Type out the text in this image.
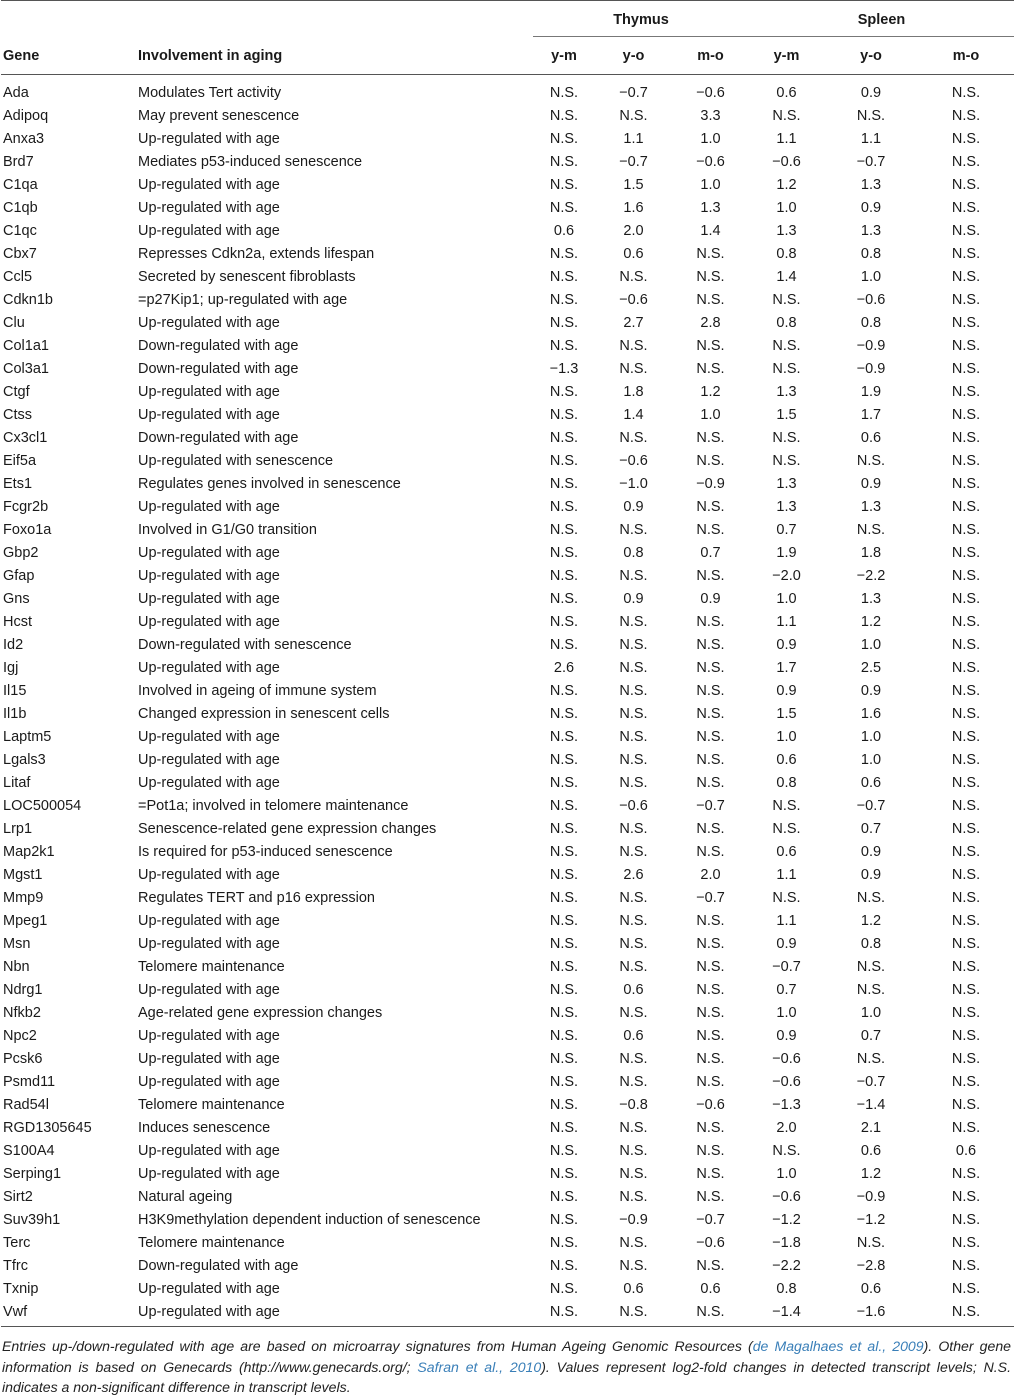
		Thymus			Spleen		
Gene	Involvement in aging	y-m	y-o	m-o	y-m	y-o	m-o
Ada	Modulates Tert activity	N.S.	−0.7	−0.6	0.6	0.9	N.S.
Adipoq	May prevent senescence	N.S.	N.S.	3.3	N.S.	N.S.	N.S.
Anxa3	Up-regulated with age	N.S.	1.1	1.0	1.1	1.1	N.S.
Brd7	Mediates p53-induced senescence	N.S.	−0.7	−0.6	−0.6	−0.7	N.S.
C1qa	Up-regulated with age	N.S.	1.5	1.0	1.2	1.3	N.S.
C1qb	Up-regulated with age	N.S.	1.6	1.3	1.0	0.9	N.S.
C1qc	Up-regulated with age	0.6	2.0	1.4	1.3	1.3	N.S.
Cbx7	Represses Cdkn2a, extends lifespan	N.S.	0.6	N.S.	0.8	0.8	N.S.
Ccl5	Secreted by senescent fibroblasts	N.S.	N.S.	N.S.	1.4	1.0	N.S.
Cdkn1b	=p27Kip1; up-regulated with age	N.S.	−0.6	N.S.	N.S.	−0.6	N.S.
Clu	Up-regulated with age	N.S.	2.7	2.8	0.8	0.8	N.S.
Col1a1	Down-regulated with age	N.S.	N.S.	N.S.	N.S.	−0.9	N.S.
Col3a1	Down-regulated with age	−1.3	N.S.	N.S.	N.S.	−0.9	N.S.
Ctgf	Up-regulated with age	N.S.	1.8	1.2	1.3	1.9	N.S.
Ctss	Up-regulated with age	N.S.	1.4	1.0	1.5	1.7	N.S.
Cx3cl1	Down-regulated with age	N.S.	N.S.	N.S.	N.S.	0.6	N.S.
Eif5a	Up-regulated with senescence	N.S.	−0.6	N.S.	N.S.	N.S.	N.S.
Ets1	Regulates genes involved in senescence	N.S.	−1.0	−0.9	1.3	0.9	N.S.
Fcgr2b	Up-regulated with age	N.S.	0.9	N.S.	1.3	1.3	N.S.
Foxo1a	Involved in G1/G0 transition	N.S.	N.S.	N.S.	0.7	N.S.	N.S.
Gbp2	Up-regulated with age	N.S.	0.8	0.7	1.9	1.8	N.S.
Gfap	Up-regulated with age	N.S.	N.S.	N.S.	−2.0	−2.2	N.S.
Gns	Up-regulated with age	N.S.	0.9	0.9	1.0	1.3	N.S.
Hcst	Up-regulated with age	N.S.	N.S.	N.S.	1.1	1.2	N.S.
Id2	Down-regulated with senescence	N.S.	N.S.	N.S.	0.9	1.0	N.S.
Igj	Up-regulated with age	2.6	N.S.	N.S.	1.7	2.5	N.S.
Il15	Involved in ageing of immune system	N.S.	N.S.	N.S.	0.9	0.9	N.S.
Il1b	Changed expression in senescent cells	N.S.	N.S.	N.S.	1.5	1.6	N.S.
Laptm5	Up-regulated with age	N.S.	N.S.	N.S.	1.0	1.0	N.S.
Lgals3	Up-regulated with age	N.S.	N.S.	N.S.	0.6	1.0	N.S.
Litaf	Up-regulated with age	N.S.	N.S.	N.S.	0.8	0.6	N.S.
LOC500054	=Pot1a; involved in telomere maintenance	N.S.	−0.6	−0.7	N.S.	−0.7	N.S.
Lrp1	Senescence-related gene expression changes	N.S.	N.S.	N.S.	N.S.	0.7	N.S.
Map2k1	Is required for p53-induced senescence	N.S.	N.S.	N.S.	0.6	0.9	N.S.
Mgst1	Up-regulated with age	N.S.	2.6	2.0	1.1	0.9	N.S.
Mmp9	Regulates TERT and p16 expression	N.S.	N.S.	−0.7	N.S.	N.S.	N.S.
Mpeg1	Up-regulated with age	N.S.	N.S.	N.S.	1.1	1.2	N.S.
Msn	Up-regulated with age	N.S.	N.S.	N.S.	0.9	0.8	N.S.
Nbn	Telomere maintenance	N.S.	N.S.	N.S.	−0.7	N.S.	N.S.
Ndrg1	Up-regulated with age	N.S.	0.6	N.S.	0.7	N.S.	N.S.
Nfkb2	Age-related gene expression changes	N.S.	N.S.	N.S.	1.0	1.0	N.S.
Npc2	Up-regulated with age	N.S.	0.6	N.S.	0.9	0.7	N.S.
Pcsk6	Up-regulated with age	N.S.	N.S.	N.S.	−0.6	N.S.	N.S.
Psmd11	Up-regulated with age	N.S.	N.S.	N.S.	−0.6	−0.7	N.S.
Rad54l	Telomere maintenance	N.S.	−0.8	−0.6	−1.3	−1.4	N.S.
RGD1305645	Induces senescence	N.S.	N.S.	N.S.	2.0	2.1	N.S.
S100A4	Up-regulated with age	N.S.	N.S.	N.S.	N.S.	0.6	0.6
Serping1	Up-regulated with age	N.S.	N.S.	N.S.	1.0	1.2	N.S.
Sirt2	Natural ageing	N.S.	N.S.	N.S.	−0.6	−0.9	N.S.
Suv39h1	H3K9methylation dependent induction of senescence	N.S.	−0.9	−0.7	−1.2	−1.2	N.S.
Terc	Telomere maintenance	N.S.	N.S.	−0.6	−1.8	N.S.	N.S.
Tfrc	Down-regulated with age	N.S.	N.S.	N.S.	−2.2	−2.8	N.S.
Txnip	Up-regulated with age	N.S.	0.6	0.6	0.8	0.6	N.S.
Vwf	Up-regulated with age	N.S.	N.S.	N.S.	−1.4	−1.6	N.S.

Entries up-/down-regulated with age are based on microarray signatures from Human Ageing Genomic Resources (de Magalhaes et al., 2009). Other gene information is based on Genecards (http://www.genecards.org/; Safran et al., 2010). Values represent log2-fold changes in detected transcript levels; N.S. indicates a non-significant difference in transcript levels.
